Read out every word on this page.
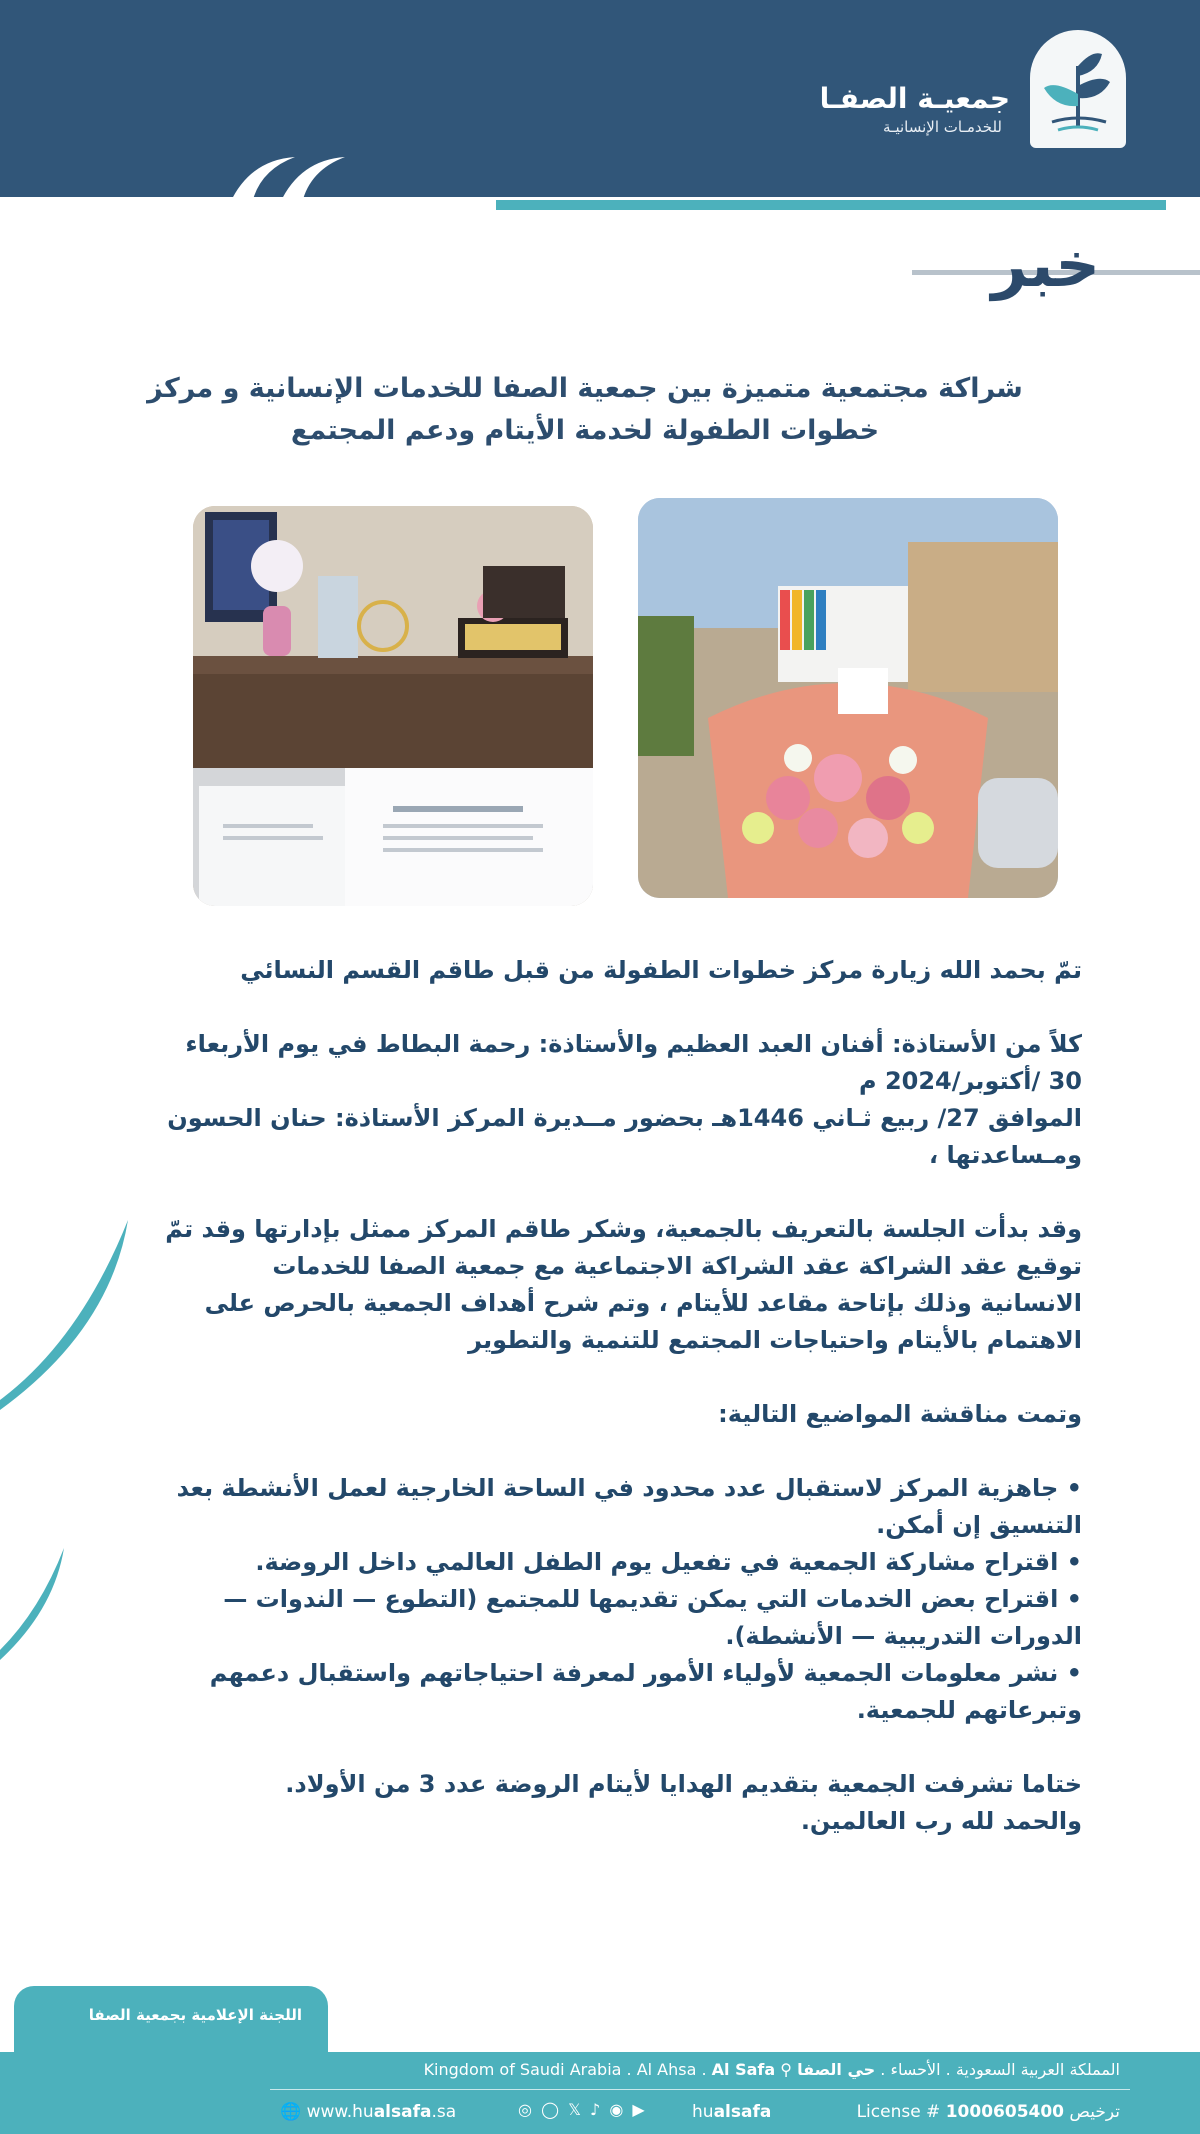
جمعيـة الصفـا
للخدمـات الإنسانيـة
خبر
شراكة مجتمعية متميزة بين جمعية الصفا للخدمات الإنسانية و مركز
خطوات الطفولة لخدمة الأيتام ودعم المجتمع

تمّ بحمد الله زيارة مركز خطوات الطفولة من قبل طاقم القسم النسائي

كلاً من الأستاذة: أفنان العبد العظيم والأستاذة: رحمة البطاط في يوم الأربعاء

30 /أكتوبر/2024 م

الموافق 27/ ربيع ثـاني 1446هـ بحضور مــديرة المركز الأستاذة: حنان الحسون

ومـساعدتها ،

وقد بدأت الجلسة بالتعريف بالجمعية، وشكر طاقم المركز ممثل بإدارتها وقد تمّ

توقيع عقد الشراكة عقد الشراكة الاجتماعية مع جمعية الصفا للخدمات

الانسانية وذلك بإتاحة مقاعد للأيتام ، وتم شرح أهداف الجمعية بالحرص على

الاهتمام بالأيتام واحتياجات المجتمع للتنمية والتطوير

وتمت مناقشة المواضيع التالية:

• جاهزية المركز لاستقبال عدد محدود في الساحة الخارجية لعمل الأنشطة بعد

التنسيق إن أمكن.

• اقتراح مشاركة الجمعية في تفعيل يوم الطفل العالمي داخل الروضة.

• اقتراح بعض الخدمات التي يمكن تقديمها للمجتمع (التطوع — الندوات —

الدورات التدريبية — الأنشطة).

• نشر معلومات الجمعية لأولياء الأمور لمعرفة احتياجاتهم واستقبال دعمهم

وتبرعاتهم للجمعية.

ختاما تشرفت الجمعية بتقديم الهدايا لأيتام الروضة عدد 3 من الأولاد.

والحمد لله رب العالمين.

اللجنة الإعلامية بجمعية الصفا
Kingdom of Saudi Arabia . Al Ahsa . Al Safa ⚲ حي الصفا المملكة العربية السعودية . الأحساء .
🌐 www.hualsafa.sa	◎ ◯ 𝕏 ♪ ◉ ▶	hualsafa	License # 1000605400 ترخيص
